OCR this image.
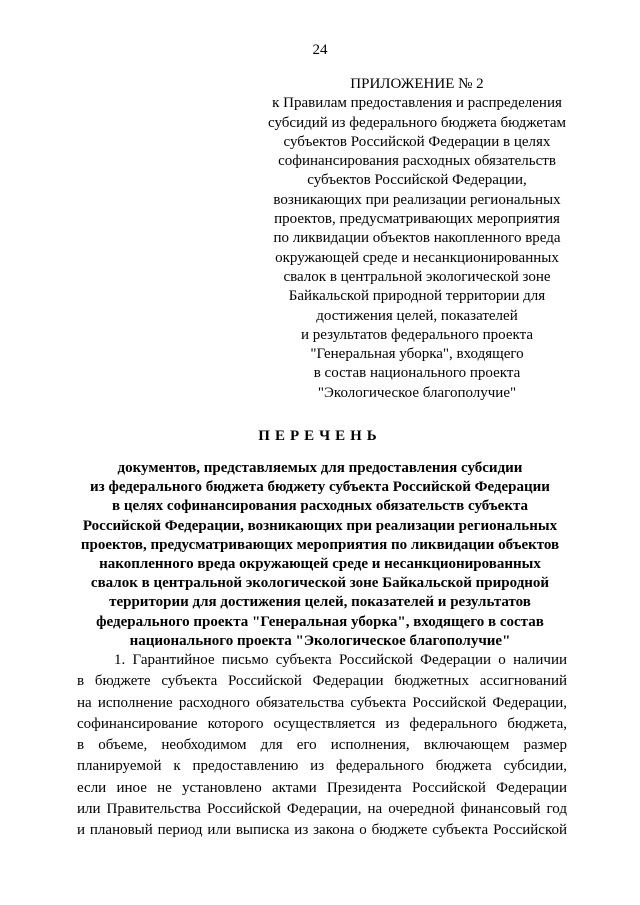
24
ПРИЛОЖЕНИЕ № 2
к Правилам предоставления и распределения
субсидий из федерального бюджета бюджетам
субъектов Российской Федерации в целях
софинансирования расходных обязательств
субъектов Российской Федерации,
возникающих при реализации региональных
проектов, предусматривающих мероприятия
по ликвидации объектов накопленного вреда
окружающей среде и несанкционированных
свалок в центральной экологической зоне
Байкальской природной территории для
достижения целей, показателей
и результатов федерального проекта
"Генеральная уборка", входящего
в состав национального проекта
"Экологическое благополучие"
ПЕРЕЧЕНЬ
документов, представляемых для предоставления субсидии
из федерального бюджета бюджету субъекта Российской Федерации
в целях софинансирования расходных обязательств субъекта
Российской Федерации, возникающих при реализации региональных
проектов, предусматривающих мероприятия по ликвидации объектов
накопленного вреда окружающей среде и несанкционированных
свалок в центральной экологической зоне Байкальской природной
территории для достижения целей, показателей и результатов
федерального проекта "Генеральная уборка", входящего в состав
национального проекта "Экологическое благополучие"
1. Гарантийное письмо субъекта Российской Федерации о наличии
в бюджете субъекта Российской Федерации бюджетных ассигнований
на исполнение расходного обязательства субъекта Российской Федерации,
софинансирование которого осуществляется из федерального бюджета,
в объеме, необходимом для его исполнения, включающем размер
планируемой к предоставлению из федерального бюджета субсидии,
если иное не установлено актами Президента Российской Федерации
или Правительства Российской Федерации, на очередной финансовый год
и плановый период или выписка из закона о бюджете субъекта Российской
